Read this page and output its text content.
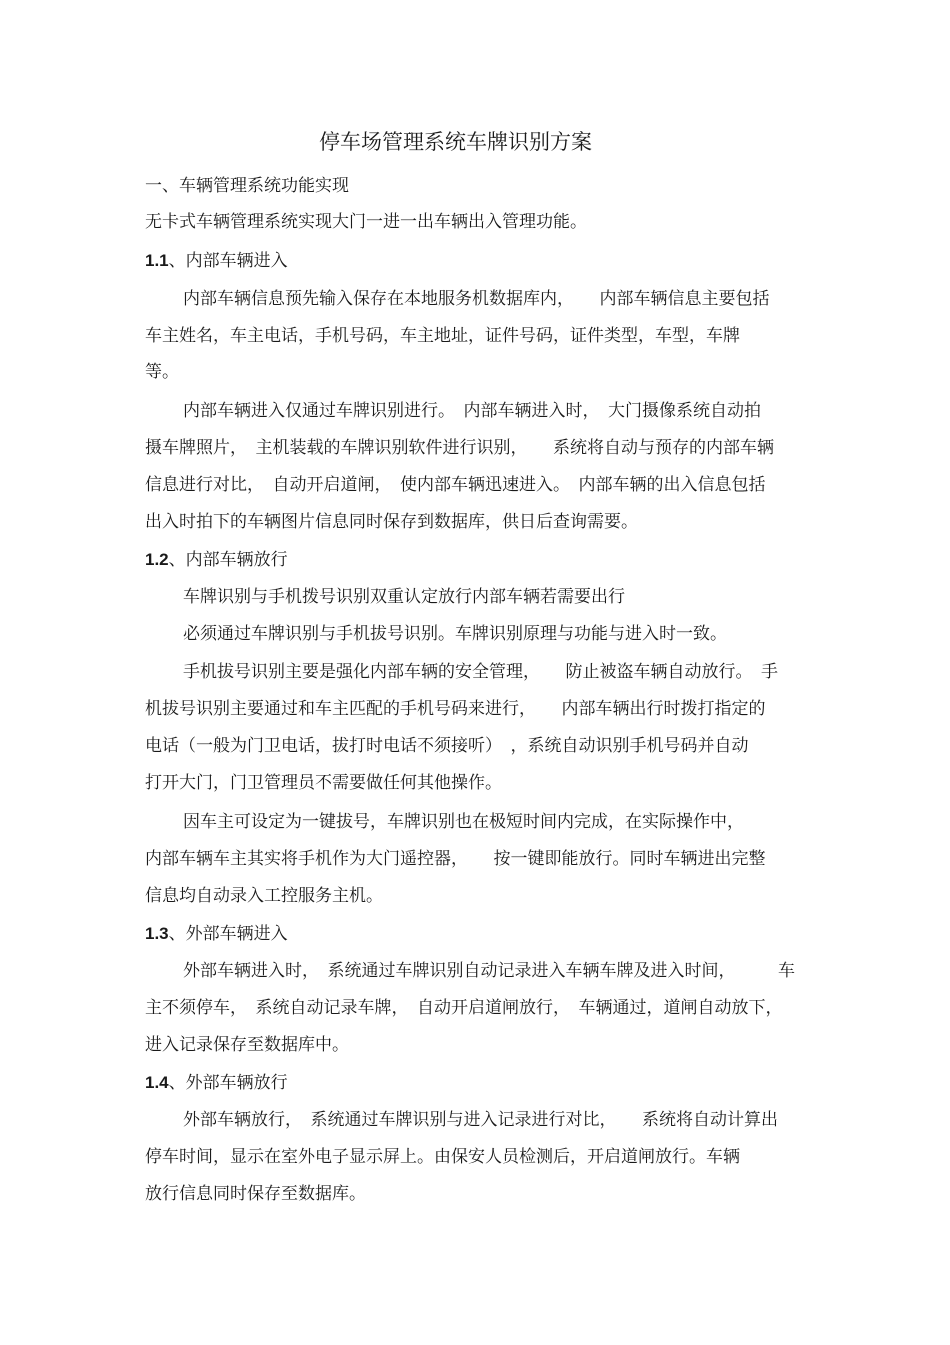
停车场管理系统车牌识别方案

一、车辆管理系统功能实现

无卡式车辆管理系统实现大门一进一出车辆出入管理功能。

1.1、内部车辆进入

内部车辆信息预先输入保存在本地服务机数据库内，　　内部车辆信息主要包括

车主姓名，车主电话，手机号码，车主地址，证件号码，证件类型，车型，车牌

等。

内部车辆进入仅通过车牌识别进行。　内部车辆进入时，　大门摄像系统自动拍

摄车牌照片，　主机装载的车牌识别软件进行识别，　　系统将自动与预存的内部车辆

信息进行对比，　自动开启道闸，　使内部车辆迅速进入。　内部车辆的出入信息包括

出入时拍下的车辆图片信息同时保存到数据库，供日后查询需要。

1.2、内部车辆放行

车牌识别与手机拨号识别双重认定放行内部车辆若需要出行

必须通过车牌识别与手机拔号识别。车牌识别原理与功能与进入时一致。

手机拔号识别主要是强化内部车辆的安全管理，　　防止被盗车辆自动放行。　手

机拔号识别主要通过和车主匹配的手机号码来进行，　　内部车辆出行时拨打指定的

电话（一般为门卫电话，拔打时电话不须接听）　，系统自动识别手机号码并自动

打开大门，门卫管理员不需要做任何其他操作。

因车主可设定为一键拔号，车牌识别也在极短时间内完成，在实际操作中，

内部车辆车主其实将手机作为大门遥控器，　　按一键即能放行。同时车辆进出完整

信息均自动录入工控服务主机。

1.3、外部车辆进入

外部车辆进入时，　系统通过车牌识别自动记录进入车辆车牌及进入时间，　　　车

主不须停车，　系统自动记录车牌，　自动开启道闸放行，　车辆通过，道闸自动放下，

进入记录保存至数据库中。

1.4、外部车辆放行

外部车辆放行，　系统通过车牌识别与进入记录进行对比，　　系统将自动计算出

停车时间，显示在室外电子显示屏上。由保安人员检测后，开启道闸放行。车辆

放行信息同时保存至数据库。
